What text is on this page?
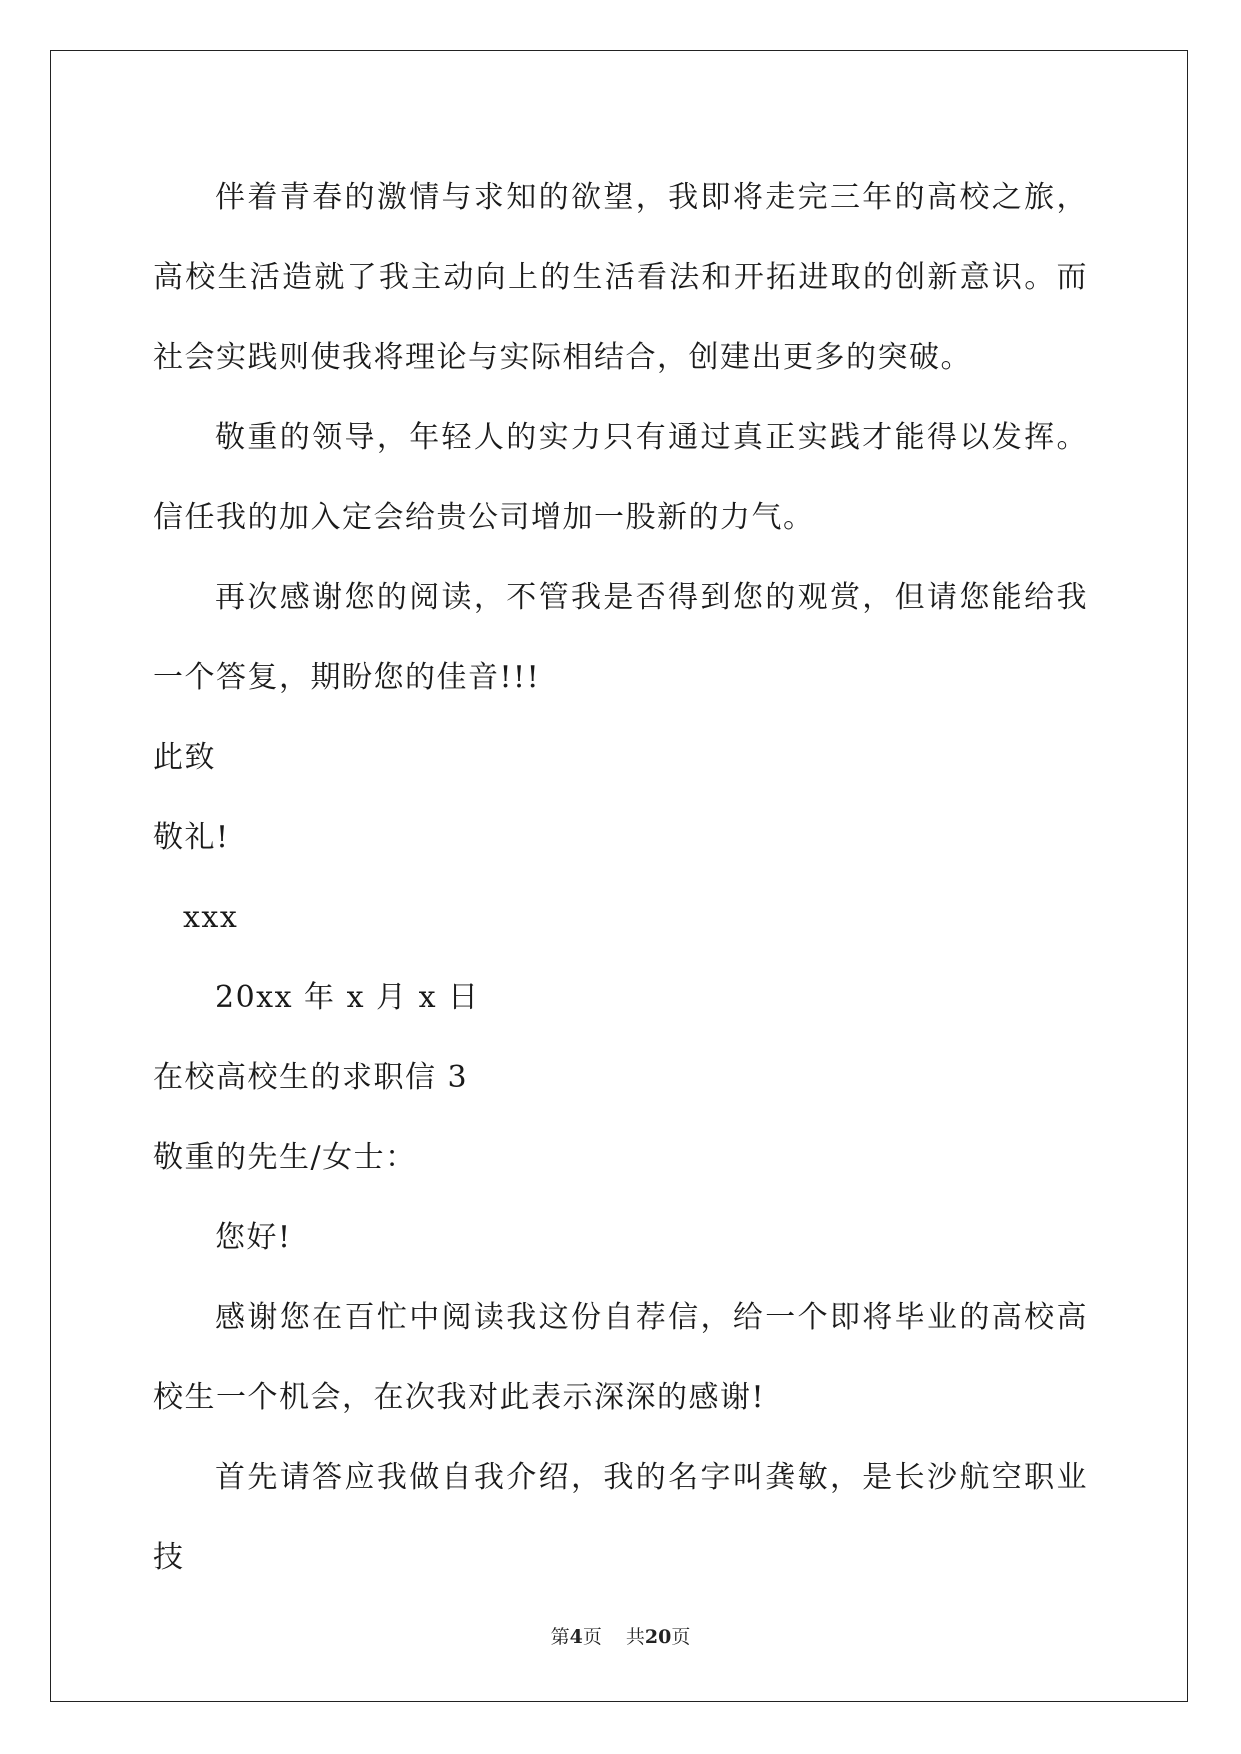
伴着青春的激情与求知的欲望，我即将走完三年的高校之旅，高校生活造就了我主动向上的生活看法和开拓进取的创新意识。而社会实践则使我将理论与实际相结合，创建出更多的突破。

敬重的领导，年轻人的实力只有通过真正实践才能得以发挥。信任我的加入定会给贵公司增加一股新的力气。

再次感谢您的阅读，不管我是否得到您的观赏，但请您能给我一个答复，期盼您的佳音!!!

此致

敬礼!

xxx

20xx 年 x 月 x 日

在校高校生的求职信 3

敬重的先生/女士：

您好!

感谢您在百忙中阅读我这份自荐信，给一个即将毕业的高校高校生一个机会，在次我对此表示深深的感谢!

首先请答应我做自我介绍，我的名字叫龚敏，是长沙航空职业技

第4页 共20页
